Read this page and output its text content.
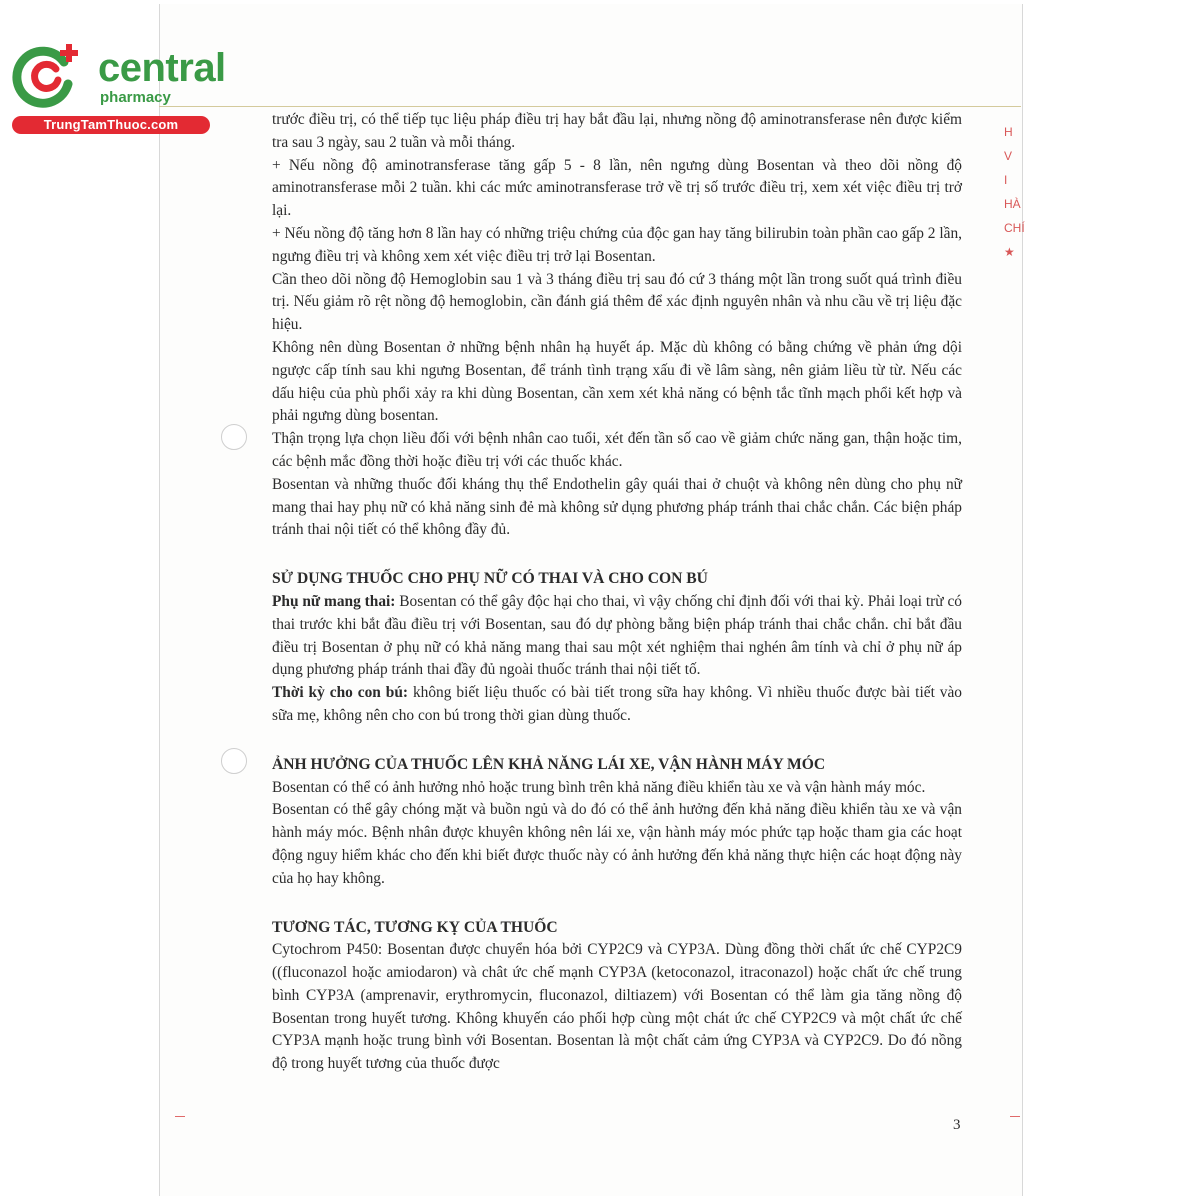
H
V
I
HÀ
CHÍ
★
central
pharmacy
TrungTamThuoc.com	trước điều trị, có thể tiếp tục liệu pháp điều trị hay bắt đầu lại, nhưng nồng độ aminotransferase nên được kiểm tra sau 3 ngày, sau 2 tuần và mỗi tháng.

+ Nếu nồng độ aminotransferase tăng gấp 5 - 8 lần, nên ngưng dùng Bosentan và theo dõi nồng độ aminotransferase mỗi 2 tuần. khi các mức aminotransferase trở về trị số trước điều trị, xem xét việc điều trị trở lại.

+ Nếu nồng độ tăng hơn 8 lần hay có những triệu chứng của độc gan hay tăng bilirubin toàn phần cao gấp 2 lần, ngưng điều trị và không xem xét việc điều trị trở lại Bosentan.

Cần theo dõi nồng độ Hemoglobin sau 1 và 3 tháng điều trị sau đó cứ 3 tháng một lần trong suốt quá trình điều trị. Nếu giảm rõ rệt nồng độ hemoglobin, cần đánh giá thêm để xác định nguyên nhân và nhu cầu về trị liệu đặc hiệu.

Không nên dùng Bosentan ở những bệnh nhân hạ huyết áp. Mặc dù không có bằng chứng về phản ứng dội ngược cấp tính sau khi ngưng Bosentan, để tránh tình trạng xấu đi về lâm sàng, nên giảm liều từ từ. Nếu các dấu hiệu của phù phổi xảy ra khi dùng Bosentan, cần xem xét khả năng có bệnh tắc tĩnh mạch phổi kết hợp và phải ngưng dùng bosentan.

Thận trọng lựa chọn liều đối với bệnh nhân cao tuổi, xét đến tần số cao về giảm chức năng gan, thận hoặc tim, các bệnh mắc đồng thời hoặc điều trị với các thuốc khác.

Bosentan và những thuốc đối kháng thụ thể Endothelin gây quái thai ở chuột và không nên dùng cho phụ nữ mang thai hay phụ nữ có khả năng sinh đẻ mà không sử dụng phương pháp tránh thai chắc chắn. Các biện pháp tránh thai nội tiết có thể không đầy đủ.

SỬ DỤNG THUỐC CHO PHỤ NỮ CÓ THAI VÀ CHO CON BÚ

Phụ nữ mang thai: Bosentan có thể gây độc hại cho thai, vì vậy chống chỉ định đối với thai kỳ. Phải loại trừ có thai trước khi bắt đầu điều trị với Bosentan, sau đó dự phòng bằng biện pháp tránh thai chắc chắn. chỉ bắt đầu điều trị Bosentan ở phụ nữ có khả năng mang thai sau một xét nghiệm thai nghén âm tính và chỉ ở phụ nữ áp dụng phương pháp tránh thai đầy đủ ngoài thuốc tránh thai nội tiết tố.

Thời kỳ cho con bú: không biết liệu thuốc có bài tiết trong sữa hay không. Vì nhiều thuốc được bài tiết vào sữa mẹ, không nên cho con bú trong thời gian dùng thuốc.

ẢNH HƯỞNG CỦA THUỐC LÊN KHẢ NĂNG LÁI XE, VẬN HÀNH MÁY MÓC

Bosentan có thể có ảnh hưởng nhỏ hoặc trung bình trên khả năng điều khiển tàu xe và vận hành máy móc.

Bosentan có thể gây chóng mặt và buồn ngủ và do đó có thể ảnh hưởng đến khả năng điều khiển tàu xe và vận hành máy móc. Bệnh nhân được khuyên không nên lái xe, vận hành máy móc phức tạp hoặc tham gia các hoạt động nguy hiểm khác cho đến khi biết được thuốc này có ảnh hưởng đến khả năng thực hiện các hoạt động này của họ hay không.

TƯƠNG TÁC, TƯƠNG KỴ CỦA THUỐC

Cytochrom P450: Bosentan được chuyển hóa bởi CYP2C9 và CYP3A. Dùng đồng thời chất ức chế CYP2C9 ((fluconazol hoặc amiodaron) và chât ức chế mạnh CYP3A (ketoconazol, itraconazol) hoặc chất ức chế trung bình CYP3A (amprenavir, erythromycin, fluconazol, diltiazem) với Bosentan có thể làm gia tăng nồng độ Bosentan trong huyết tương. Không khuyến cáo phối hợp cùng một chát ức chế CYP2C9 và một chất ức chế CYP3A mạnh hoặc trung bình với Bosentan. Bosentan là một chất cảm ứng CYP3A và CYP2C9. Do đó nồng độ trong huyết tương của thuốc được

3
